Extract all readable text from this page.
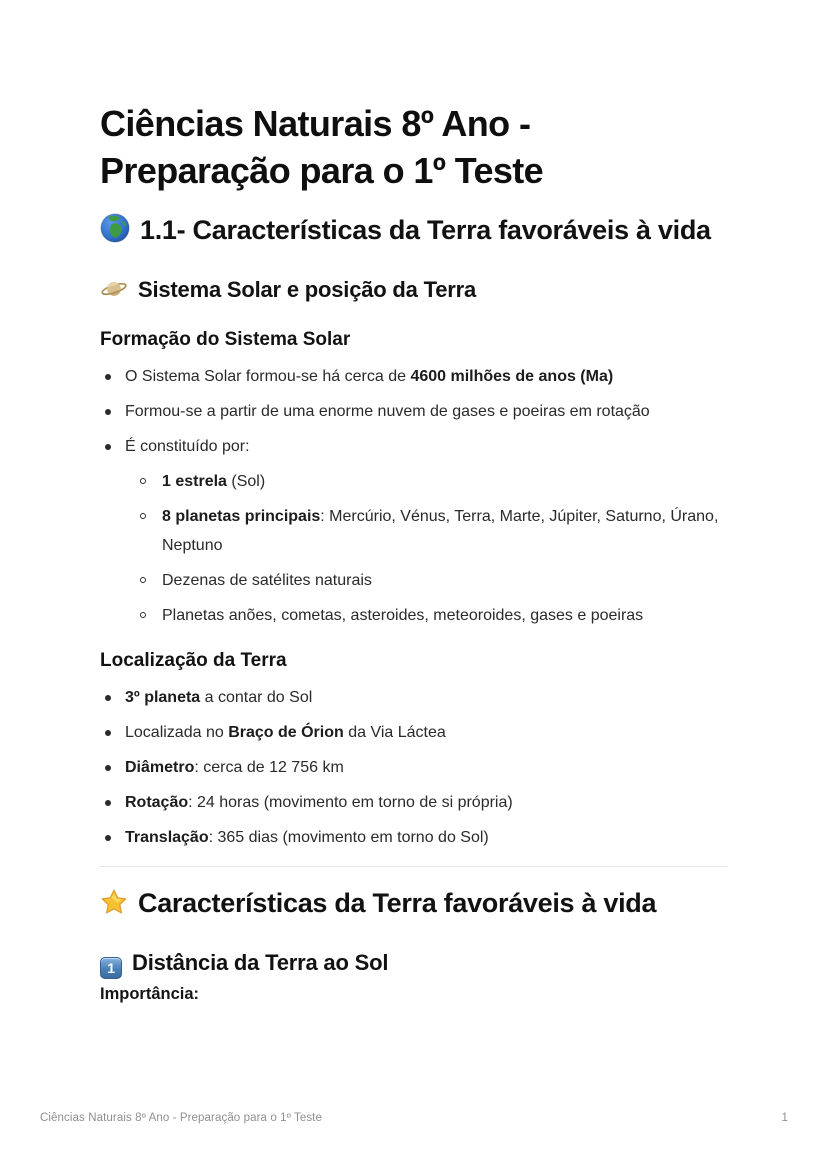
Ciências Naturais 8º Ano - Preparação para o 1º Teste
1.1- Características da Terra favoráveis à vida
Sistema Solar e posição da Terra
Formação do Sistema Solar
O Sistema Solar formou-se há cerca de 4600 milhões de anos (Ma)
Formou-se a partir de uma enorme nuvem de gases e poeiras em rotação
É constituído por:
1 estrela (Sol)
8 planetas principais: Mercúrio, Vénus, Terra, Marte, Júpiter, Saturno, Úrano, Neptuno
Dezenas de satélites naturais
Planetas anões, cometas, asteroides, meteoroides, gases e poeiras
Localização da Terra
3º planeta a contar do Sol
Localizada no Braço de Órion da Via Láctea
Diâmetro: cerca de 12 756 km
Rotação: 24 horas (movimento em torno de si própria)
Translação: 365 dias (movimento em torno do Sol)
Características da Terra favoráveis à vida
1 Distância da Terra ao Sol

Importância:

Ciências Naturais 8º Ano - Preparação para o 1º Teste	1
